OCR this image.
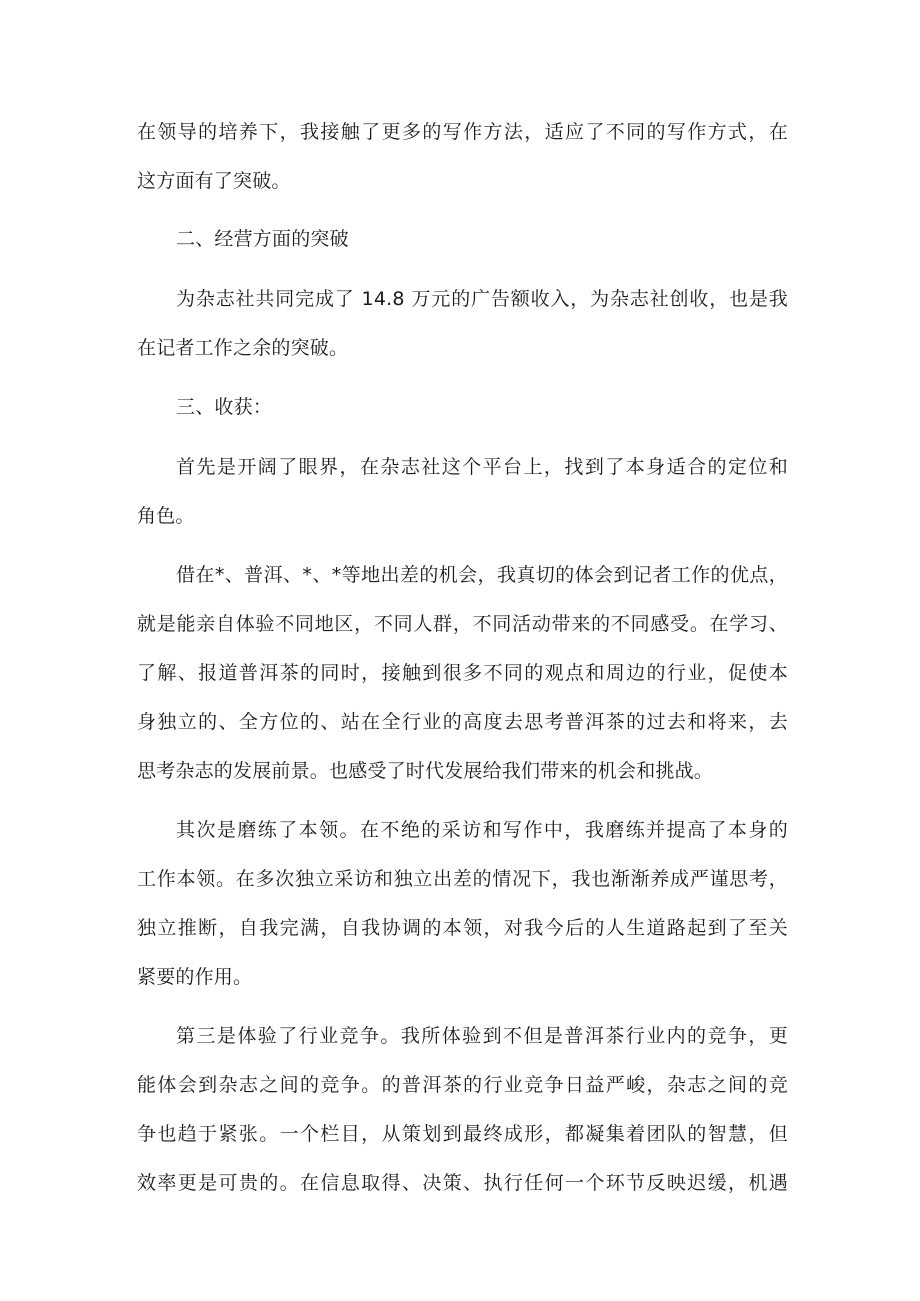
在领导的培养下，我接触了更多的写作方法，适应了不同的写作方式，在
这方面有了突破。
二、经营方面的突破
为杂志社共同完成了 14.8 万元的广告额收入，为杂志社创收，也是我
在记者工作之余的突破。
三、收获：
首先是开阔了眼界，在杂志社这个平台上，找到了本身适合的定位和
角色。
借在*、普洱、*、*等地出差的机会，我真切的体会到记者工作的优点，
就是能亲自体验不同地区，不同人群，不同活动带来的不同感受。在学习、
了解、报道普洱茶的同时，接触到很多不同的观点和周边的行业，促使本
身独立的、全方位的、站在全行业的高度去思考普洱茶的过去和将来，去
思考杂志的发展前景。也感受了时代发展给我们带来的机会和挑战。
其次是磨练了本领。在不绝的采访和写作中，我磨练并提高了本身的
工作本领。在多次独立采访和独立出差的情况下，我也渐渐养成严谨思考，
独立推断，自我完满，自我协调的本领，对我今后的人生道路起到了至关
紧要的作用。
第三是体验了行业竞争。我所体验到不但是普洱茶行业内的竞争，更
能体会到杂志之间的竞争。的普洱茶的行业竞争日益严峻，杂志之间的竞
争也趋于紧张。一个栏目，从策划到最终成形，都凝集着团队的智慧，但
效率更是可贵的。在信息取得、决策、执行任何一个环节反映迟缓，机遇
